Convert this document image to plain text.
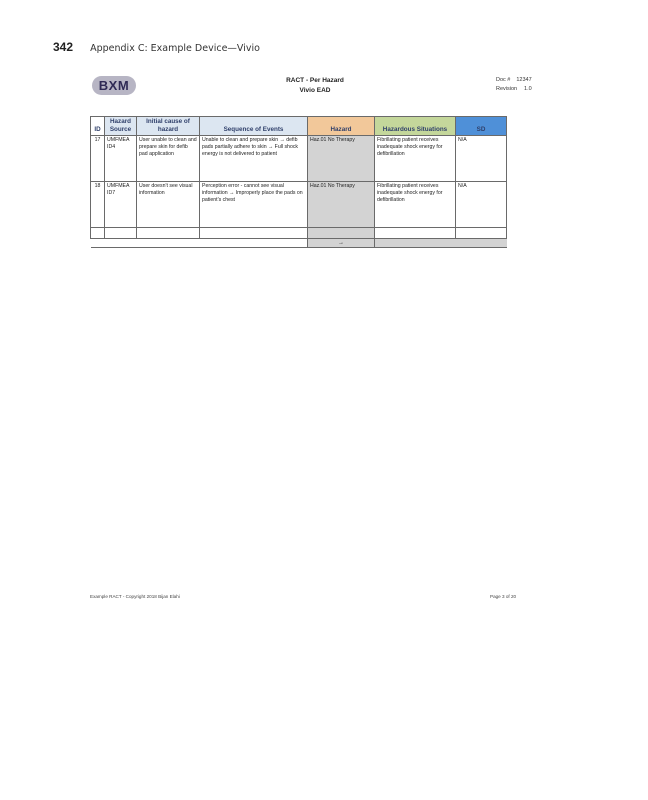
342 Appendix C: Example Device—Vivio
BXM	RACT - Per Hazard
Vivio EAD
Doc # 12347
Revision 1.0
ID	Hazard Source	Initial cause of hazard	Sequence of Events	Hazard	Hazardous Situations	SD
17	UMFMEA ID4	User unable to clean and prepare skin for defib pad application	Unable to clean and prepare skin → defib pads partially adhere to skin → Full shock energy is not delivered to patient	Haz.01 No Therapy	Fibrillating patient receives inadequate shock energy for defibrillation	N/A
18	UMFMEA ID7	User doesn't see visual information	Perception error - cannot see visual information → Improperly place the pads on patient's chest	Haz.01 No Therapy	Fibrillating patient receives inadequate shock energy for defibrillation	N/A

				→		
Example RACT - Copyright 2018 Bijan Elahi	Page 3 of 20
